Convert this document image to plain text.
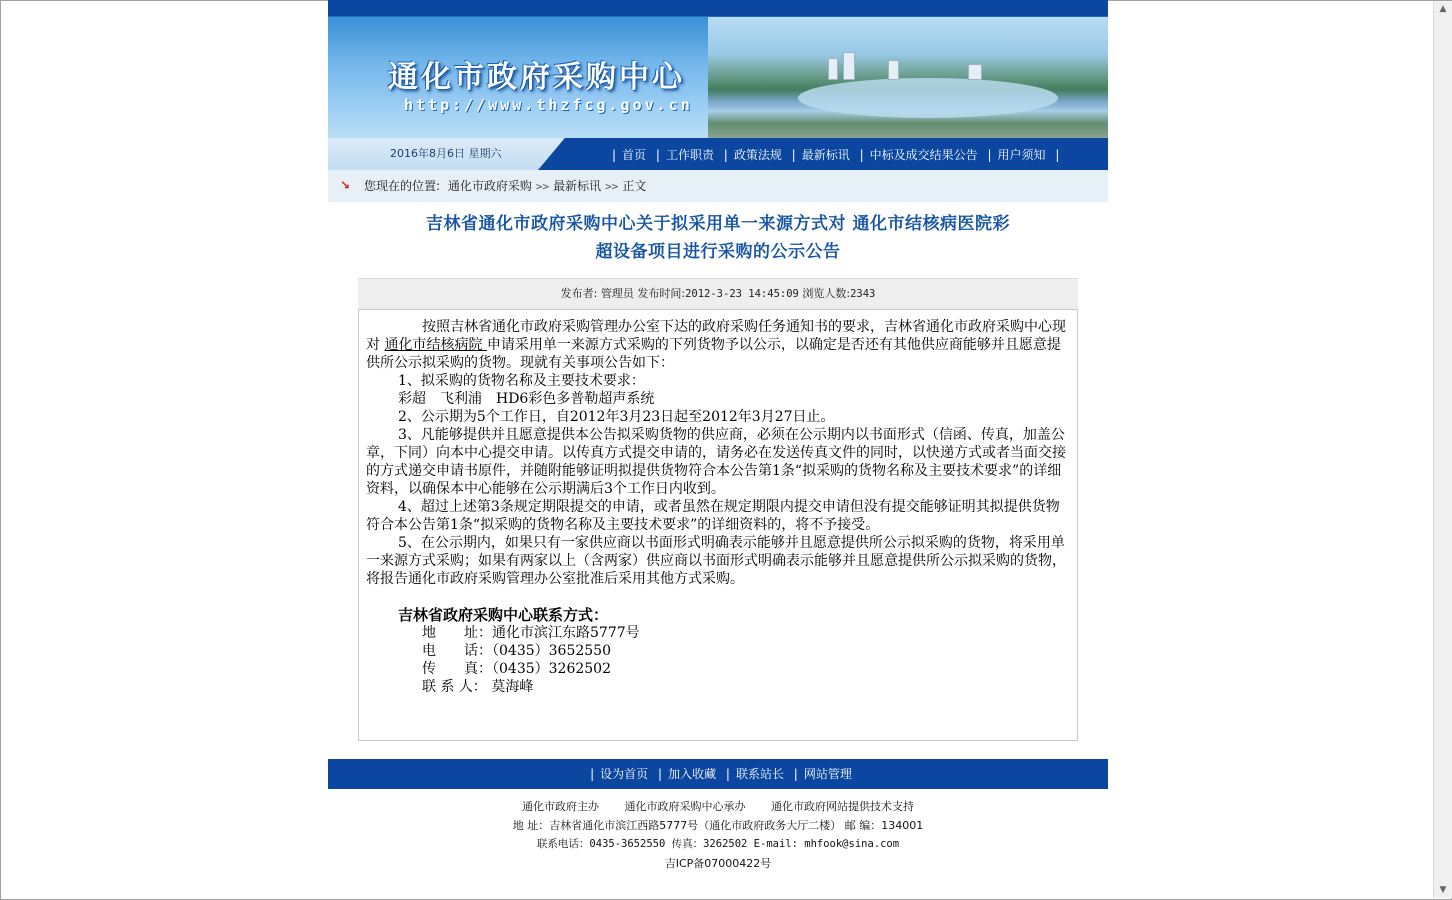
通化市政府采购中心
http://www.thzfcg.gov.cn
2016年8月6日 星期六	| 首页 | 工作职责 | 政策法规 | 最新标讯 | 中标及成交结果公告 | 用户须知 |
↘ 您现在的位置: 通化市政府采购 >> 最新标讯 >> 正文
吉林省通化市政府采购中心关于拟采用单一来源方式对 通化市结核病医院彩
超设备项目进行采购的公示公告
发布者: 管理员 发布时间:2012-3-23 14:45:09 浏览人数:2343

按照吉林省通化市政府采购管理办公室下达的政府采购任务通知书的要求，吉林省通化市政府采购中心现对 通化市结核病院 申请采用单一来源方式采购的下列货物予以公示，以确定是否还有其他供应商能够并且愿意提供所公示拟采购的货物。现就有关事项公告如下：

1、拟采购的货物名称及主要技术要求：

彩超　飞利浦　HD6彩色多普勒超声系统

2、公示期为5个工作日，自2012年3月23日起至2012年3月27日止。

3、凡能够提供并且愿意提供本公告拟采购货物的供应商，必须在公示期内以书面形式（信函、传真，加盖公章，下同）向本中心提交申请。以传真方式提交申请的，请务必在发送传真文件的同时，以快递方式或者当面交接的方式递交申请书原件，并随附能够证明拟提供货物符合本公告第1条“拟采购的货物名称及主要技术要求”的详细资料，以确保本中心能够在公示期满后3个工作日内收到。

4、超过上述第3条规定期限提交的申请，或者虽然在规定期限内提交申请但没有提交能够证明其拟提供货物符合本公告第1条“拟采购的货物名称及主要技术要求”的详细资料的，将不予接受。

5、在公示期内，如果只有一家供应商以书面形式明确表示能够并且愿意提供所公示拟采购的货物，将采用单一来源方式采购；如果有两家以上（含两家）供应商以书面形式明确表示能够并且愿意提供所公示拟采购的货物，将报告通化市政府采购管理办公室批准后采用其他方式采购。

吉林省政府采购中心联系方式：
地　　址：通化市滨江东路5777号
电　　话：（0435）3652550
传　　真：（0435）3262502
联 系 人： 莫海峰
| 设为首页 | 加入收藏 | 联系站长 | 网站管理
通化市政府主办 通化市政府采购中心承办 通化市政府网站提供技术支持
地 址：吉林省通化市滨江西路5777号（通化市政府政务大厅二楼） 邮 编：134001
联系电话：0435-3652550 传真：3262502 E-mail: mhfook@sina.com
吉ICP备07000422号
▲
▼
